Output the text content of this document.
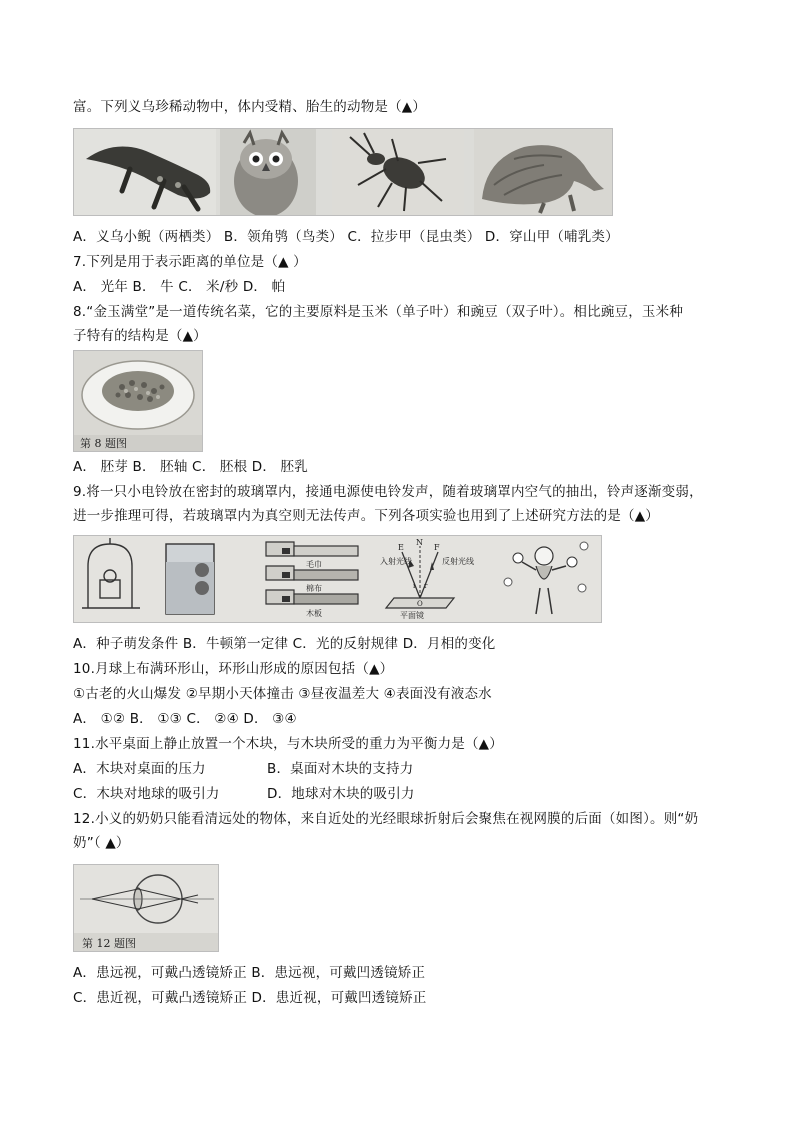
富。下列义乌珍稀动物中，体内受精、胎生的动物是（▲）
A．义乌小鲵（两栖类） B．领角鸮（鸟类） C．拉步甲（昆虫类） D．穿山甲（哺乳类）
7.下列是用于表示距离的单位是（▲ ）
A． 光年 B． 牛 C． 米/秒 D． 帕
8.“金玉满堂”是一道传统名菜，它的主要原料是玉米（单子叶）和豌豆（双子叶）。相比豌豆，玉米种
子特有的结构是（▲）
第 8 题图
A． 胚芽 B． 胚轴 C． 胚根 D． 胚乳
9.将一只小电铃放在密封的玻璃罩内，接通电源使电铃发声，随着玻璃罩内空气的抽出，铃声逐渐变弱，
进一步推理可得，若玻璃罩内为真空则无法传声。下列各项实验也用到了上述研究方法的是（▲）
毛巾
棉布
木板
入射光线	反射光线
平面镜
E	F
N
O
i r
A．种子萌发条件 B．牛顿第一定律 C．光的反射规律 D．月相的变化
10.月球上布满环形山，环形山形成的原因包括（▲）
①古老的火山爆发 ②早期小天体撞击 ③昼夜温差大 ④表面没有液态水
A． ①② B． ①③ C． ②④ D． ③④
11.水平桌面上静止放置一个木块，与木块所受的重力为平衡力是（▲）
A．木块对桌面的压力	B．桌面对木块的支持力
C．木块对地球的吸引力	D．地球对木块的吸引力
12.小义的奶奶只能看清远处的物体，来自近处的光经眼球折射后会聚焦在视网膜的后面（如图）。则“奶
奶”（ ▲）
第 12 题图
A．患远视，可戴凸透镜矫正 B．患远视，可戴凹透镜矫正
C．患近视，可戴凸透镜矫正 D．患近视，可戴凹透镜矫正
